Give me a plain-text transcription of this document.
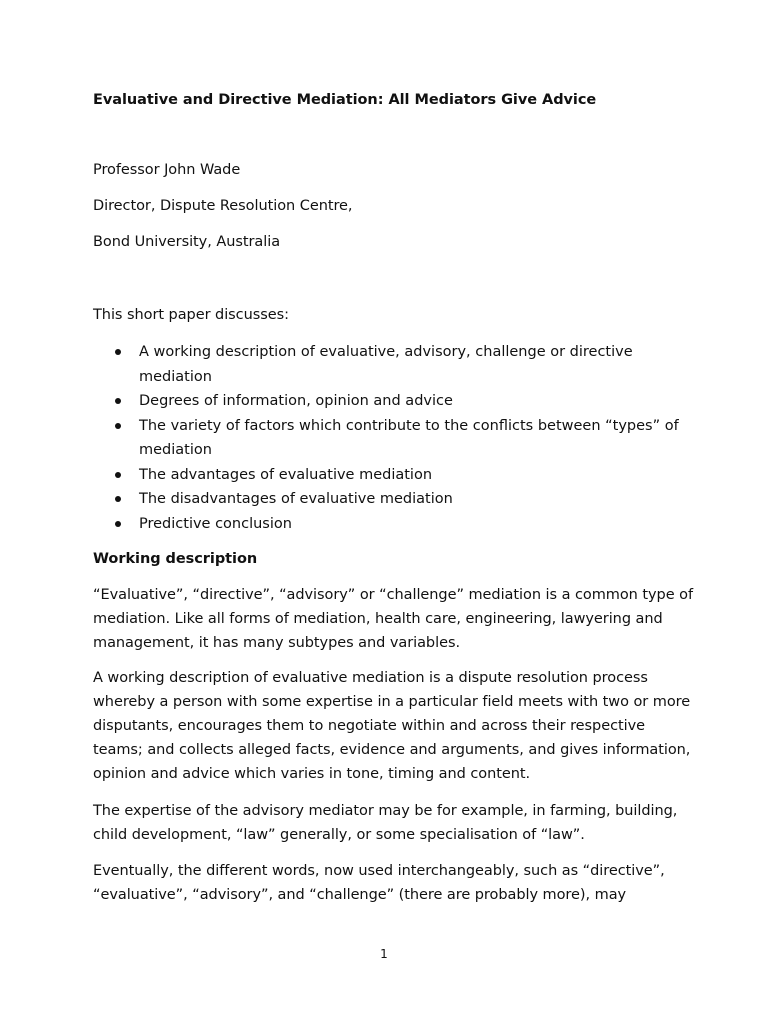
Evaluative and Directive Mediation: All Mediators Give Advice

Professor John Wade

Director, Dispute Resolution Centre,

Bond University, Australia

This short paper discusses:

A working description of evaluative, advisory, challenge or directive mediation
Degrees of information, opinion and advice
The variety of factors which contribute to the conflicts between “types” of mediation
The advantages of evaluative mediation
The disadvantages of evaluative mediation
Predictive conclusion

Working description

“Evaluative”, “directive”, “advisory” or “challenge” mediation is a common type of mediation. Like all forms of mediation, health care, engineering, lawyering and management, it has many subtypes and variables.

A working description of evaluative mediation is a dispute resolution process whereby a person with some expertise in a particular field meets with two or more disputants, encourages them to negotiate within and across their respective teams; and collects alleged facts, evidence and arguments, and gives information, opinion and advice which varies in tone, timing and content.

The expertise of the advisory mediator may be for example, in farming, building, child development, “law” generally, or some specialisation of “law”.

Eventually, the different words, now used interchangeably, such as “directive”, “evaluative”, “advisory”, and “challenge” (there are probably more), may

1
